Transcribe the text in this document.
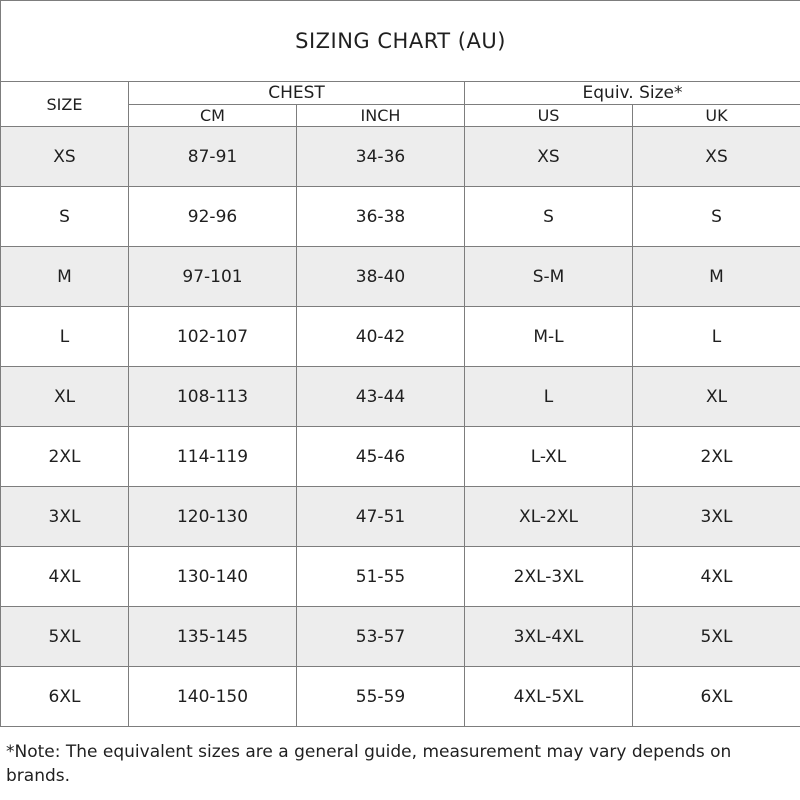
SIZING CHART (AU)				
SIZE	CHEST		Equiv. Size*	
	CM	INCH	US	UK
XS	87-91	34-36	XS	XS
S	92-96	36-38	S	S
M	97-101	38-40	S-M	M
L	102-107	40-42	M-L	L
XL	108-113	43-44	L	XL
2XL	114-119	45-46	L-XL	2XL
3XL	120-130	47-51	XL-2XL	3XL
4XL	130-140	51-55	2XL-3XL	4XL
5XL	135-145	53-57	3XL-4XL	5XL
6XL	140-150	55-59	4XL-5XL	6XL
*Note: The equivalent sizes are a general guide, measurement may vary depends on brands.
